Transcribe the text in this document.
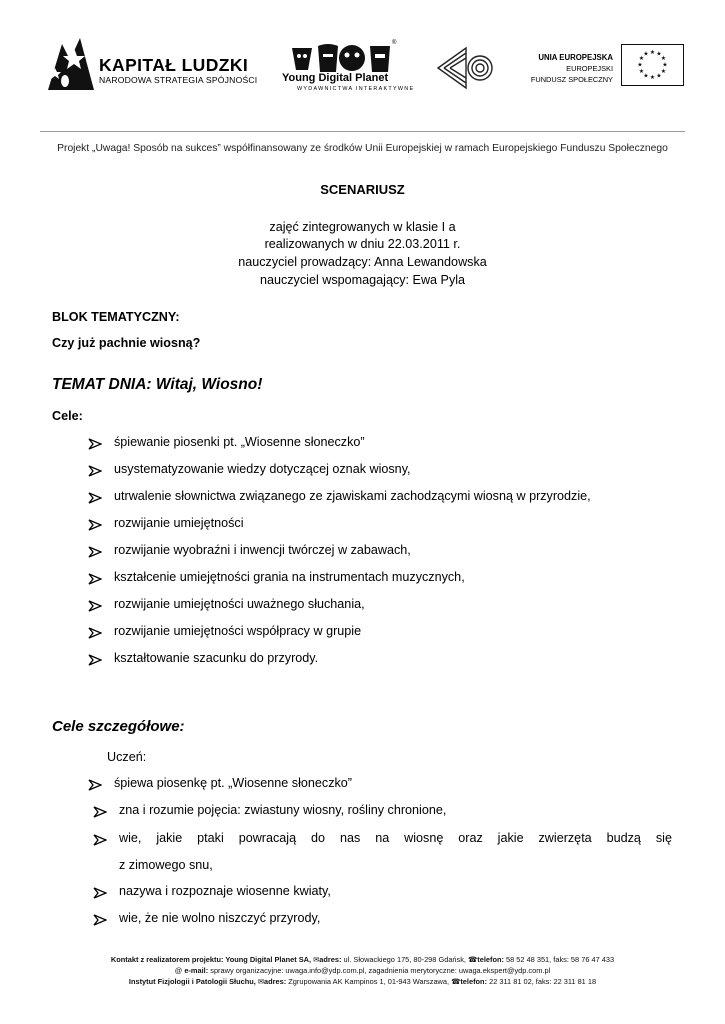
KAPITAŁ LUDZKI
NARODOWA STRATEGIA SPÓJNOŚCI
®
Young Digital Planet
WYDAWNICTWA INTERAKTYWNE
UNIA EUROPEJSKA
EUROPEJSKI
FUNDUSZ SPOŁECZNY
★ ★
★
★
★
★
★
★
★
★
★
★
Projekt „Uwaga! Sposób na sukces” współfinansowany ze środków Unii Europejskiej w ramach Europejskiego Funduszu Społecznego
SCENARIUSZ
zajęć zintegrowanych w klasie I a
realizowanych w dniu 22.03.2011 r.
nauczyciel prowadzący: Anna Lewandowska
nauczyciel wspomagający: Ewa Pyla
BLOK TEMATYCZNY:
Czy już pachnie wiosną?
TEMAT DNIA: Witaj, Wiosno!
Cele:
śpiewanie piosenki pt. „Wiosenne słoneczko”
usystematyzowanie wiedzy dotyczącej oznak wiosny,
utrwalenie słownictwa związanego ze zjawiskami zachodzącymi wiosną w przyrodzie,
rozwijanie umiejętności
rozwijanie wyobraźni i inwencji twórczej w zabawach,
kształcenie umiejętności grania na instrumentach muzycznych,
rozwijanie umiejętności uważnego słuchania,
rozwijanie umiejętności współpracy w grupie
kształtowanie szacunku do przyrody.
Cele szczegółowe:
Uczeń:
śpiewa piosenkę pt. „Wiosenne słoneczko”
zna i rozumie pojęcia: zwiastuny wiosny, rośliny chronione,
wie, jakie ptaki powracają do nas na wiosnę oraz jakie zwierzęta budzą się
z zimowego snu,
nazywa i rozpoznaje wiosenne kwiaty,
wie, że nie wolno niszczyć przyrody,
Kontakt z realizatorem projektu: Young Digital Planet SA, ✉adres: ul. Słowackiego 175, 80-298 Gdańsk, ☎telefon: 58 52 48 351, faks: 58 76 47 433
@ e-mail: sprawy organizacyjne: uwaga.info@ydp.com.pl, zagadnienia merytoryczne: uwaga.ekspert@ydp.com.pl
Instytut Fizjologii i Patologii Słuchu, ✉adres: Zgrupowania AK Kampinos 1, 01-943 Warszawa, ☎telefon: 22 311 81 02, faks: 22 311 81 18
